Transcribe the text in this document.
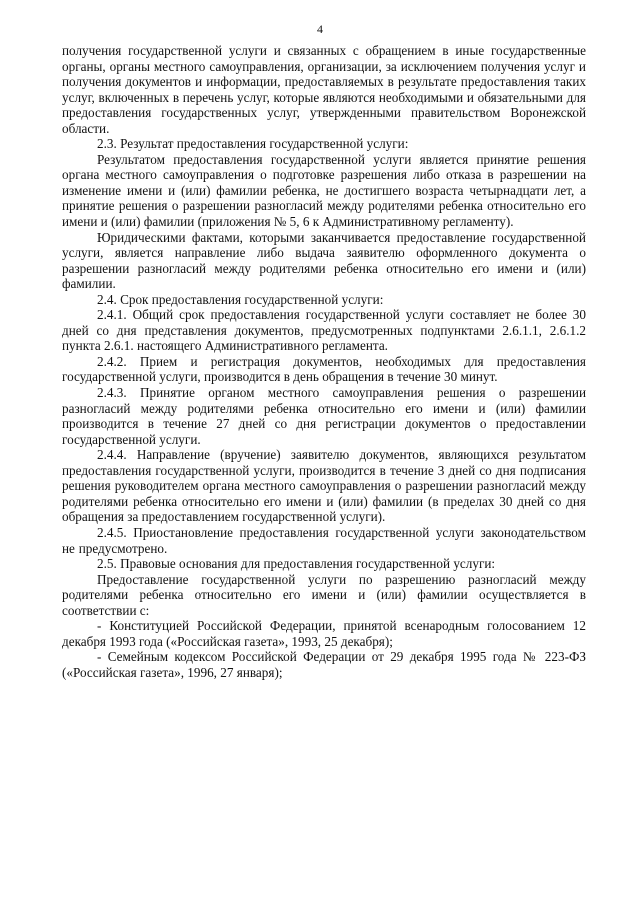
4

получения государственной услуги и связанных с обращением в иные государственные органы, органы местного самоуправления, организации, за исключением получения услуг и получения документов и информации, предоставляемых в результате предоставления таких услуг, включенных в перечень услуг, которые являются необходимыми и обязательными для предоставления государственных услуг, утвержденными правительством Воронежской области.

2.3. Результат предоставления государственной услуги:

Результатом предоставления государственной услуги является принятие решения органа местного самоуправления о подготовке разрешения либо отказа в разрешении на изменение имени и (или) фамилии ребенка, не достигшего возраста четырнадцати лет, а принятие решения о разрешении разногласий между родителями ребенка относительно его имени и (или) фамилии (приложения № 5, 6 к Административному регламенту).

Юридическими фактами, которыми заканчивается предоставление государственной услуги, является направление либо выдача заявителю оформленного документа о разрешении разногласий между родителями ребенка относительно его имени и (или) фамилии.

2.4. Срок предоставления государственной услуги:

2.4.1. Общий срок предоставления государственной услуги составляет не более 30 дней со дня представления документов, предусмотренных подпунктами 2.6.1.1, 2.6.1.2 пункта 2.6.1. настоящего Административного регламента.

2.4.2. Прием и регистрация документов, необходимых для предоставления государственной услуги, производится в день обращения в течение 30 минут.

2.4.3. Принятие органом местного самоуправления решения о разрешении разногласий между родителями ребенка относительно его имени и (или) фамилии производится в течение 27 дней со дня регистрации документов о предоставлении государственной услуги.

2.4.4. Направление (вручение) заявителю документов, являющихся результатом предоставления государственной услуги, производится в течение 3 дней со дня подписания решения руководителем органа местного самоуправления о разрешении разногласий между родителями ребенка относительно его имени и (или) фамилии (в пределах 30 дней со дня обращения за предоставлением государственной услуги).

2.4.5. Приостановление предоставления государственной услуги законодательством не предусмотрено.

2.5. Правовые основания для предоставления государственной услуги:

Предоставление государственной услуги по разрешению разногласий между родителями ребенка относительно его имени и (или) фамилии осуществляется в соответствии с:

- Конституцией Российской Федерации, принятой всенародным голосованием 12 декабря 1993 года («Российская газета», 1993, 25 декабря);

- Семейным кодексом Российской Федерации от 29 декабря 1995 года № 223-ФЗ («Российская газета», 1996, 27 января);
